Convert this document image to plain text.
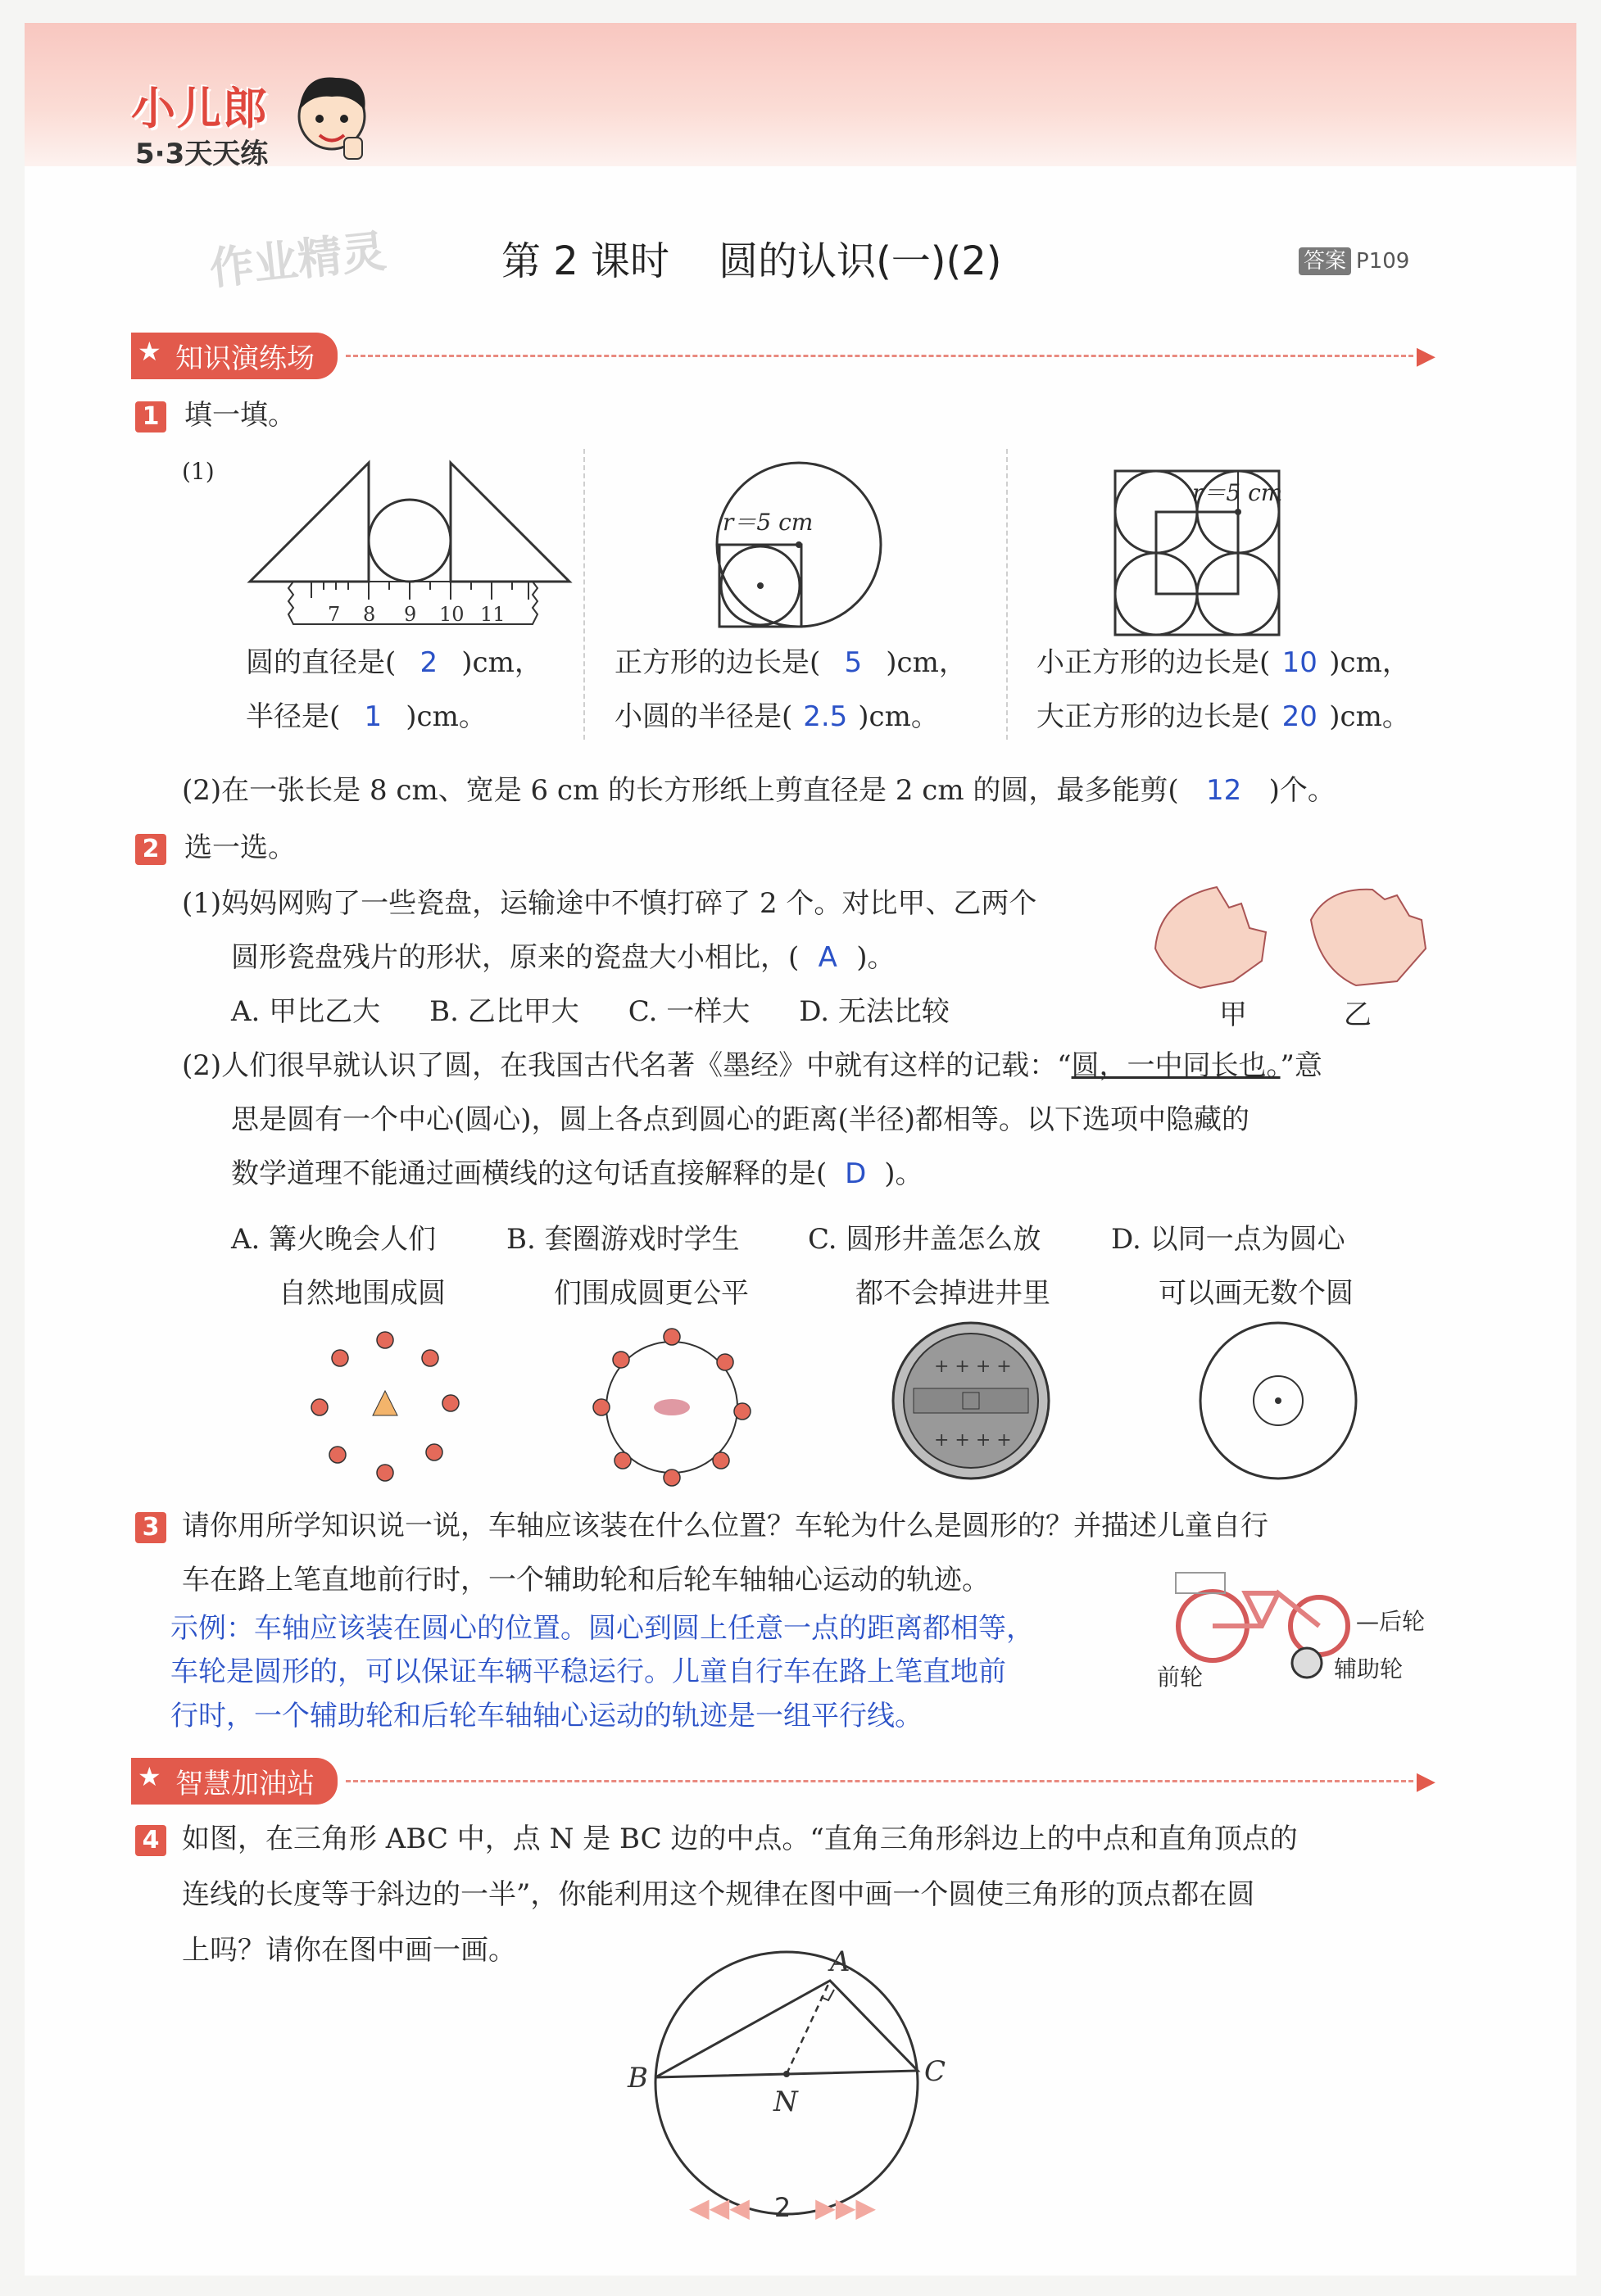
小儿郎
5·3天天练
作业精灵	第 2 课时 圆的认识(一)(2)	答案 P109
★ 知识演练场	▶
1 填一填。
(1)
7 8 9 10 11
r＝5 cm
r＝5 cm
圆的直径是( 2 )cm，
半径是( 1 )cm。
正方形的边长是( 5 )cm，
小圆的半径是( 2.5 )cm。
小正方形的边长是( 10 )cm，
大正方形的边长是( 20 )cm。
(2)在一张长是 8 cm、宽是 6 cm 的长方形纸上剪直径是 2 cm 的圆，最多能剪( 12 )个。
2 选一选。
(1)妈妈网购了一些瓷盘，运输途中不慎打碎了 2 个。对比甲、乙两个
圆形瓷盘残片的形状，原来的瓷盘大小相比，( A )。
A. 甲比乙大 B. 乙比甲大 C. 一样大 D. 无法比较	甲	乙
(2)人们很早就认识了圆，在我国古代名著《墨经》中就有这样的记载：“圆，一中同长也。”意
思是圆有一个中心(圆心)，圆上各点到圆心的距离(半径)都相等。以下选项中隐藏的
数学道理不能通过画横线的这句话直接解释的是( D )。
A. 篝火晚会人们
自然地围成圆
B. 套圈游戏时学生
们围成圆更公平
C. 圆形井盖怎么放
都不会掉进井里
D. 以同一点为圆心
可以画无数个圆
+ + + +
+ + + +
3 请你用所学知识说一说，车轴应该装在什么位置？车轮为什么是圆形的？并描述儿童自行
车在路上笔直地前行时，一个辅助轮和后轮车轴轴心运动的轨迹。
示例：车轴应该装在圆心的位置。圆心到圆上任意一点的距离都相等，
车轮是圆形的，可以保证车辆平稳运行。儿童自行车在路上笔直地前
行时，一个辅助轮和后轮车轴轴心运动的轨迹是一组平行线。
前轮
—后轮
辅助轮
★ 智慧加油站	▶
4 如图，在三角形 ABC 中，点 N 是 BC 边的中点。“直角三角形斜边上的中点和直角顶点的
连线的长度等于斜边的一半”，你能利用这个规律在图中画一个圆使三角形的顶点都在圆
上吗？请你在图中画一画。	A
B	C
N
◀◀◀ 2 ▶▶▶
